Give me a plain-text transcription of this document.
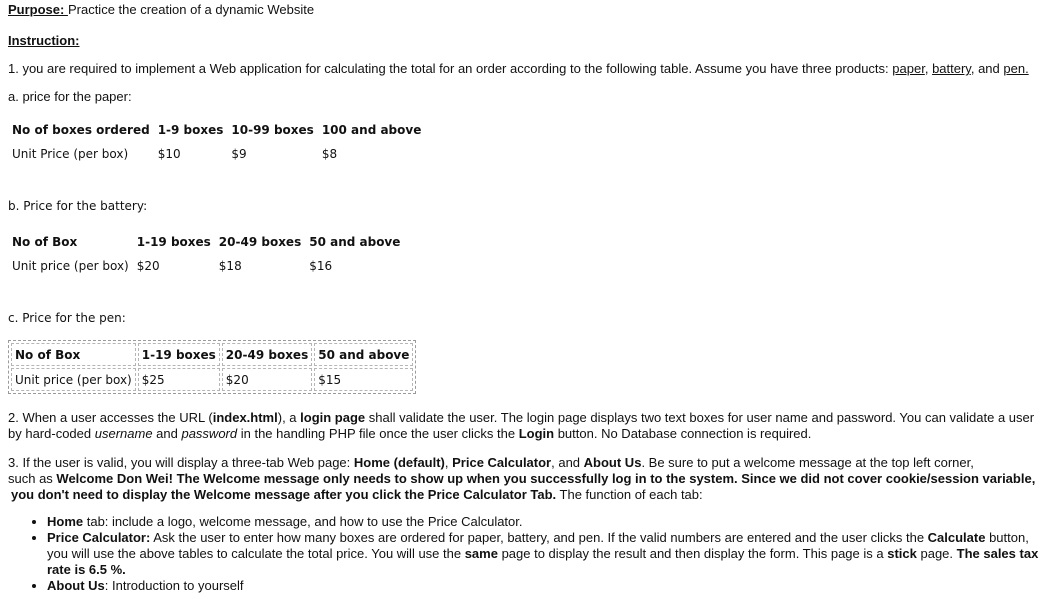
Purpose: Practice the creation of a dynamic Website
Instruction:
1. you are required to implement a Web application for calculating the total for an order according to the following table. Assume you have three products: paper, battery, and pen.
a. price for the paper:
No of boxes ordered	1-9 boxes	10-99 boxes	100 and above
Unit Price (per box)	$10	$9	$8
b. Price for the battery:
No of Box	1-19 boxes	20-49 boxes	50 and above
Unit price (per box)	$20	$18	$16
c. Price for the pen:
No of Box	1-19 boxes	20-49 boxes	50 and above
Unit price (per box)	$25	$20	$15
2. When a user accesses the URL (index.html), a login page shall validate the user. The login page displays two text boxes for user name and password. You can validate a user by hard-coded username and password in the handling PHP file once the user clicks the Login button. No Database connection is required.
3. If the user is valid, you will display a three-tab Web page: Home (default), Price Calculator, and About Us. Be sure to put a welcome message at the top left corner,
such as Welcome Don Wei! The Welcome message only needs to show up when you successfully log in to the system. Since we did not cover cookie/session variable,
you don't need to display the Welcome message after you click the Price Calculator Tab. The function of each tab:
• Home tab: include a logo, welcome message, and how to use the Price Calculator.
• Price Calculator: Ask the user to enter how many boxes are ordered for paper, battery, and pen. If the valid numbers are entered and the user clicks the Calculate button, you will use the above tables to calculate the total price. You will use the same page to display the result and then display the form. This page is a stick page. The sales tax rate is 6.5 %.
• About Us: Introduction to yourself
